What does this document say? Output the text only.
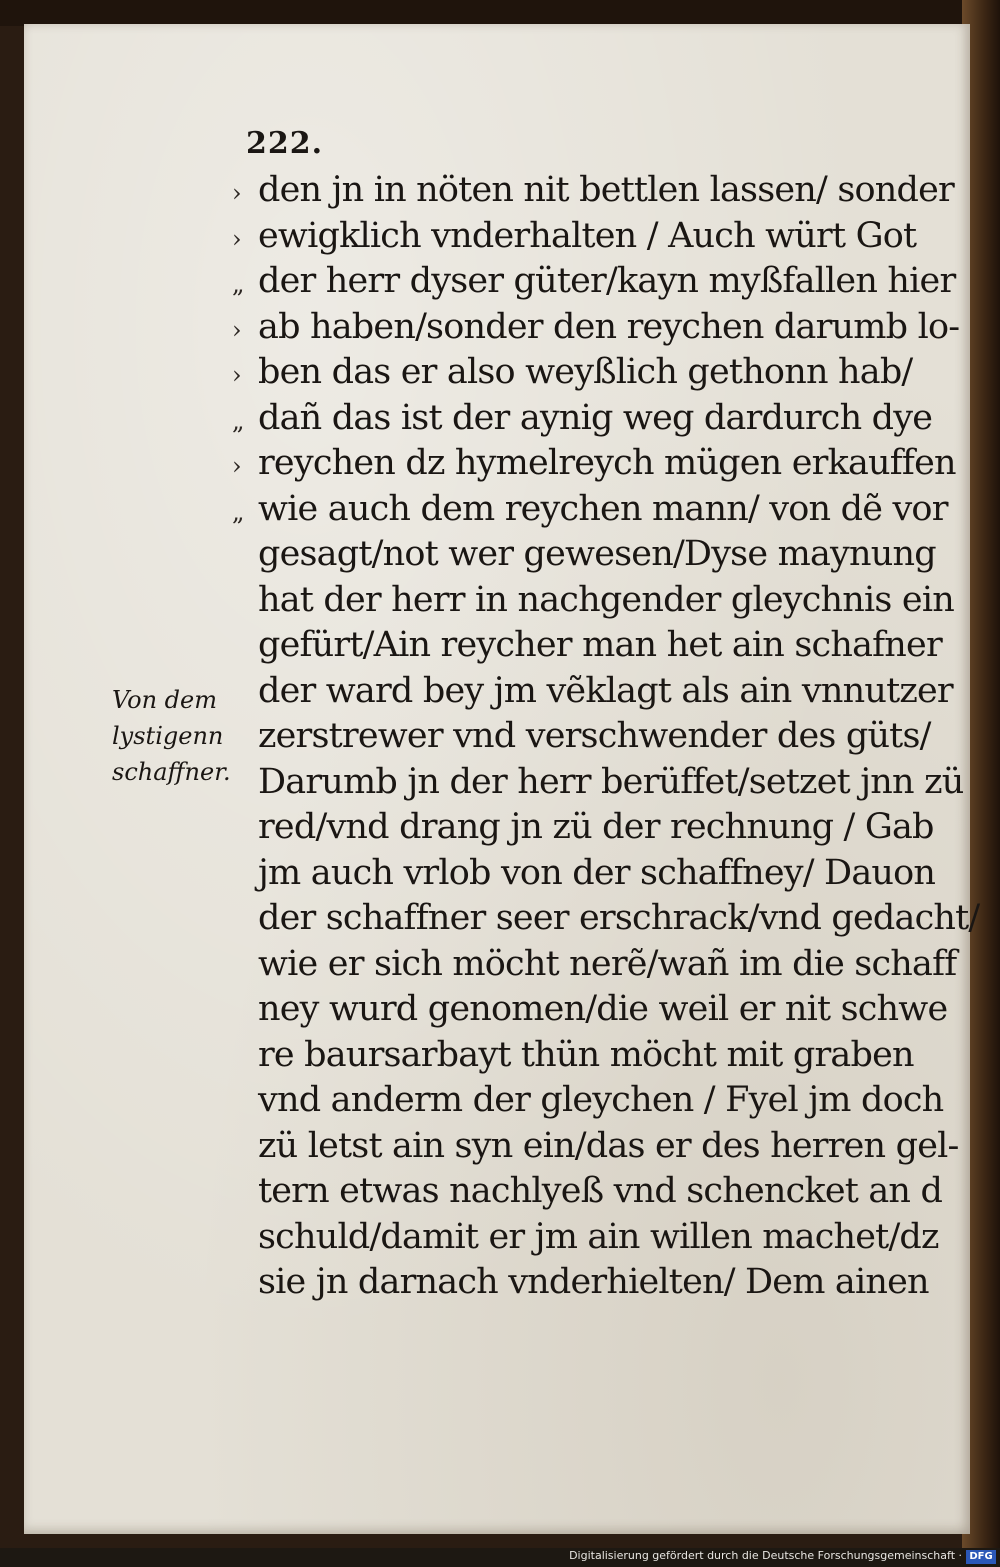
222.
Von dem
lystigenn
schaffner.
› den jn in nöten nit bettlen lassen/ sonder
› ewigklich vnderhalten / Auch würt Got
„ der herr dyser güter/kayn myßfallen hier
› ab haben/sonder den reychen darumb lo-
› ben das er also weyßlich gethonn hab/
„ dañ das ist der aynig weg dardurch dye
› reychen dz hymelreych mügen erkauffen
„ wie auch dem reychen mann/ von dẽ vor
gesagt/not wer gewesen/Dyse maynung
hat der herr in nachgender gleychnis ein
gefürt/Ain reycher man het ain schafner
der ward bey jm vẽklagt als ain vnnutzer
zerstrewer vnd verschwender des güts/
Darumb jn der herr berüffet/setzet jnn zü
red/vnd drang jn zü der rechnung / Gab
jm auch vrlob von der schaffney/ Dauon
der schaffner seer erschrack/vnd gedacht/
wie er sich möcht nerẽ/wañ im die schaff
ney wurd genomen/die weil er nit schwe
re baursarbayt thün möcht mit graben
vnd anderm der gleychen / Fyel jm doch
zü letst ain syn ein/das er des herren gel-
tern etwas nachlyeß vnd schencket an d
schuld/damit er jm ain willen machet/dz
sie jn darnach vnderhielten/ Dem ainen
Digitalisierung gefördert durch die Deutsche Forschungsgemeinschaft · DFG
